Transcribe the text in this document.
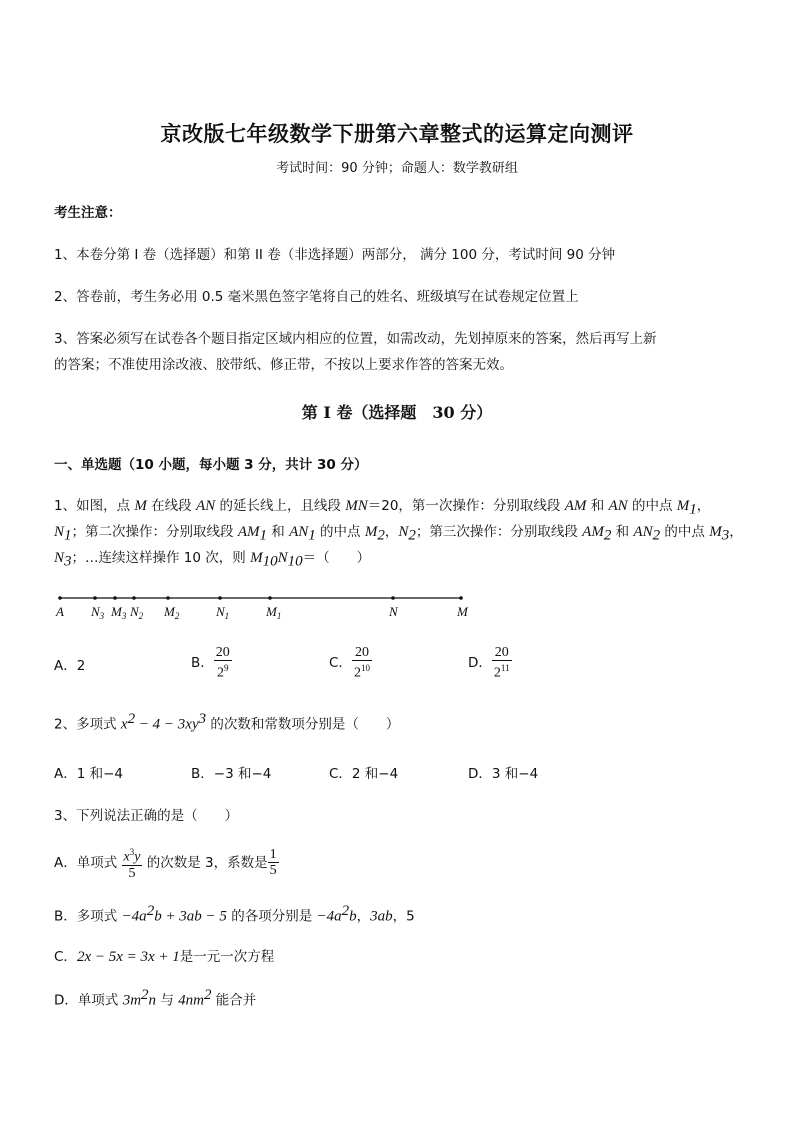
京改版七年级数学下册第六章整式的运算定向测评
考试时间：90 分钟；命题人：数学教研组
考生注意：
1、本卷分第 I 卷（选择题）和第 II 卷（非选择题）两部分， 满分 100 分，考试时间 90 分钟
2、答卷前，考生务必用 0.5 毫米黑色签字笔将自己的姓名、班级填写在试卷规定位置上
3、答案必须写在试卷各个题目指定区域内相应的位置，如需改动，先划掉原来的答案，然后再写上新
的答案；不准使用涂改液、胶带纸、修正带，不按以上要求作答的答案无效。
第 I 卷（选择题　30 分）
一、单选题（10 小题，每小题 3 分，共计 30 分）
1、如图，点 M 在线段 AN 的延长线上，且线段 MN＝20，第一次操作：分别取线段 AM 和 AN 的中点 $M_1$，
$N_1$；第二次操作：分别取线段 $AM_1$ 和 $AN_1$ 的中点 $M_2$，$N_2$；第三次操作：分别取线段 $AM_2$ 和 $AN_2$ 的中点 $M_3$，
$N_3$；…连续这样操作 10 次，则 $M_{10}N_{10}=$（　　）
A $N_3$ $M_3$ $N_2$ $M_2$	$N_1$	$M_1$	N	M
A．2	B． $\frac{20}{2^9}$	C． $\frac{20}{2^{10}}$	D． $\frac{20}{2^{11}}$
2、多项式 $x^2 - 4 - 3xy^3$ 的次数和常数项分别是（　　）
A．1 和−4	B．−3 和−4	C．2 和−4	D．3 和−4
3、下列说法正确的是（　　）
A．单项式 $\frac{x^3y}{5}$ 的次数是 3，系数是 $\frac{1}{5}$
B．多项式 $-4a^2b + 3ab - 5$ 的各项分别是 $-4a^2b$，3ab，5
C．2x − 5x = 3x + 1是一元一次方程
D．单项式 $3m^2n$ 与 $4nm^2$ 能合并
